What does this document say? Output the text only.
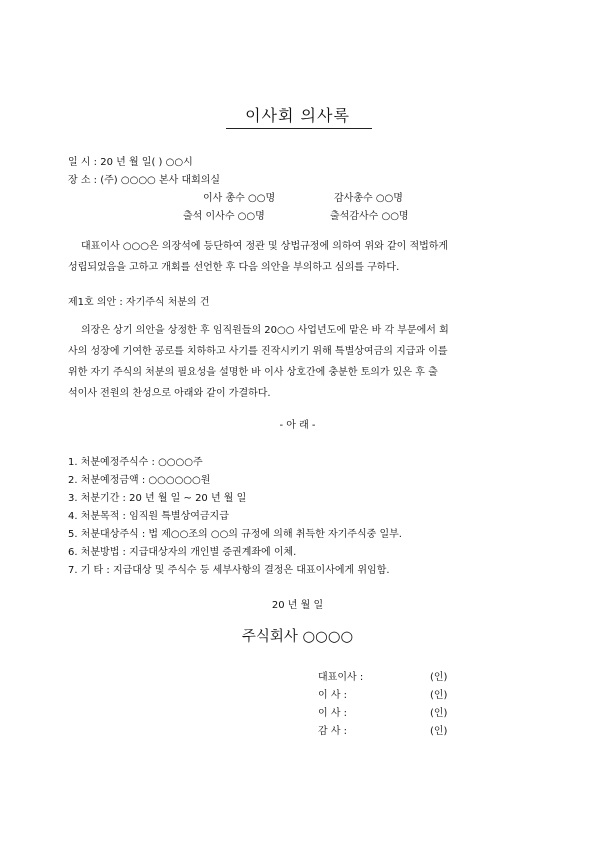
이사회 의사록
일 시 : 20 년 월 일( ) ○○시
장 소 : (주) ○○○○ 본사 대회의실
이사 총수 ○○명	감사총수 ○○명
출석 이사수 ○○명	출석감사수 ○○명
대표이사 ○○○은 의장석에 등단하여 정관 및 상법규정에 의하여 위와 같이 적법하게
성립되었음을 고하고 개회를 선언한 후 다음 의안을 부의하고 심의를 구하다.
제1호 의안 : 자기주식 처분의 건
의장은 상기 의안을 상정한 후 임직원들의 20○○ 사업년도에 맡은 바 각 부문에서 회
사의 성장에 기여한 공로를 치하하고 사기를 진작시키기 위해 특별상여금의 지급과 이를
위한 자기 주식의 처분의 필요성을 설명한 바 이사 상호간에 충분한 토의가 있은 후 출
석이사 전원의 찬성으로 아래와 같이 가결하다.
- 아 래 -
1. 처분예정주식수 : ○○○○주
2. 처분예정금액 : ○○○○○○원
3. 처분기간 : 20 년 월 일 ~ 20 년 월 일
4. 처분목적 : 임직원 특별상여금지급
5. 처분대상주식 : 법 제○○조의 ○○의 규정에 의해 취득한 자기주식중 일부.
6. 처분방법 : 지급대상자의 개인별 증권계좌에 이체.
7. 기 타 : 지급대상 및 주식수 등 세부사항의 결정은 대표이사에게 위임함.
20 년 월 일
주식회사 ○○○○
대표이사 :	(인)
이 사 :	(인)
이 사 :	(인)
감 사 :	(인)
